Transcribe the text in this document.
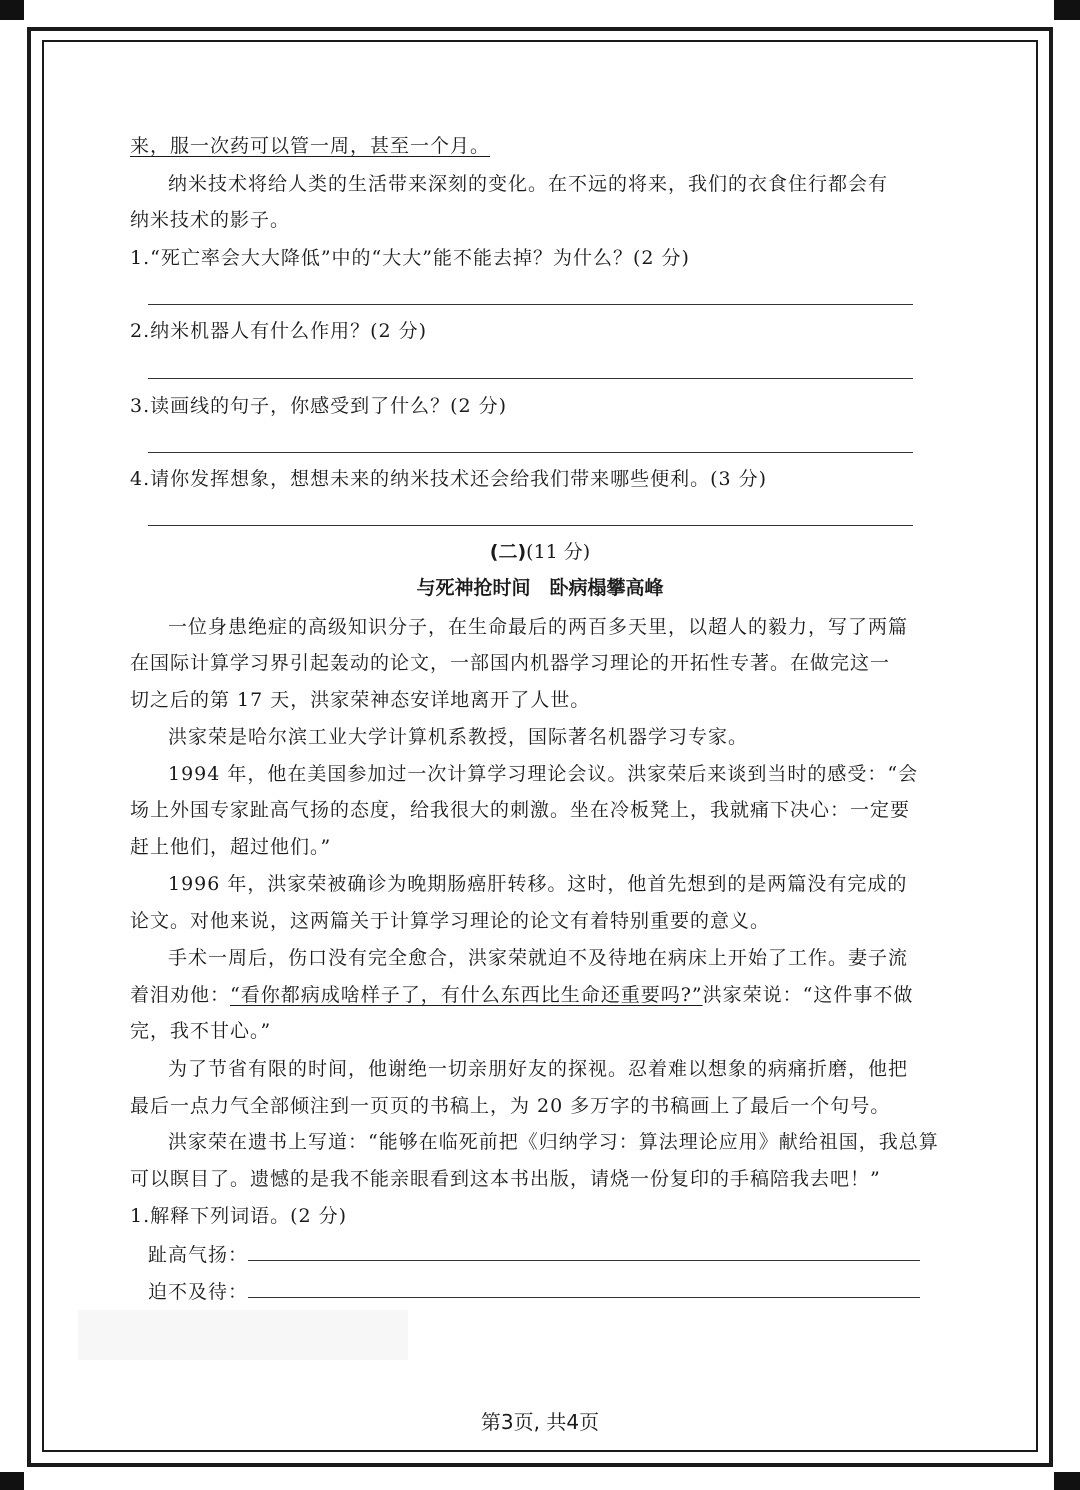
来，服一次药可以管一周，甚至一个月。
纳米技术将给人类的生活带来深刻的变化。在不远的将来，我们的衣食住行都会有
纳米技术的影子。
1.“死亡率会大大降低”中的“大大”能不能去掉？为什么？(2 分)
2.纳米机器人有什么作用？(2 分)
3.读画线的句子，你感受到了什么？(2 分)
4.请你发挥想象，想想未来的纳米技术还会给我们带来哪些便利。(3 分)
(二)(11 分)
与死神抢时间　卧病榻攀高峰
一位身患绝症的高级知识分子，在生命最后的两百多天里，以超人的毅力，写了两篇
在国际计算学习界引起轰动的论文，一部国内机器学习理论的开拓性专著。在做完这一
切之后的第 17 天，洪家荣神态安详地离开了人世。
洪家荣是哈尔滨工业大学计算机系教授，国际著名机器学习专家。
1994 年，他在美国参加过一次计算学习理论会议。洪家荣后来谈到当时的感受：“会
场上外国专家趾高气扬的态度，给我很大的刺激。坐在冷板凳上，我就痛下决心：一定要
赶上他们，超过他们。”
1996 年，洪家荣被确诊为晚期肠癌肝转移。这时，他首先想到的是两篇没有完成的
论文。对他来说，这两篇关于计算学习理论的论文有着特别重要的意义。
手术一周后，伤口没有完全愈合，洪家荣就迫不及待地在病床上开始了工作。妻子流
着泪劝他：“看你都病成啥样子了，有什么东西比生命还重要吗?”洪家荣说：“这件事不做
完，我不甘心。”
为了节省有限的时间，他谢绝一切亲朋好友的探视。忍着难以想象的病痛折磨，他把
最后一点力气全部倾注到一页页的书稿上，为 20 多万字的书稿画上了最后一个句号。
洪家荣在遗书上写道：“能够在临死前把《归纳学习：算法理论应用》献给祖国，我总算
可以瞑目了。遗憾的是我不能亲眼看到这本书出版，请烧一份复印的手稿陪我去吧！”
1.解释下列词语。(2 分)
趾高气扬：
迫不及待：
第3页, 共4页
